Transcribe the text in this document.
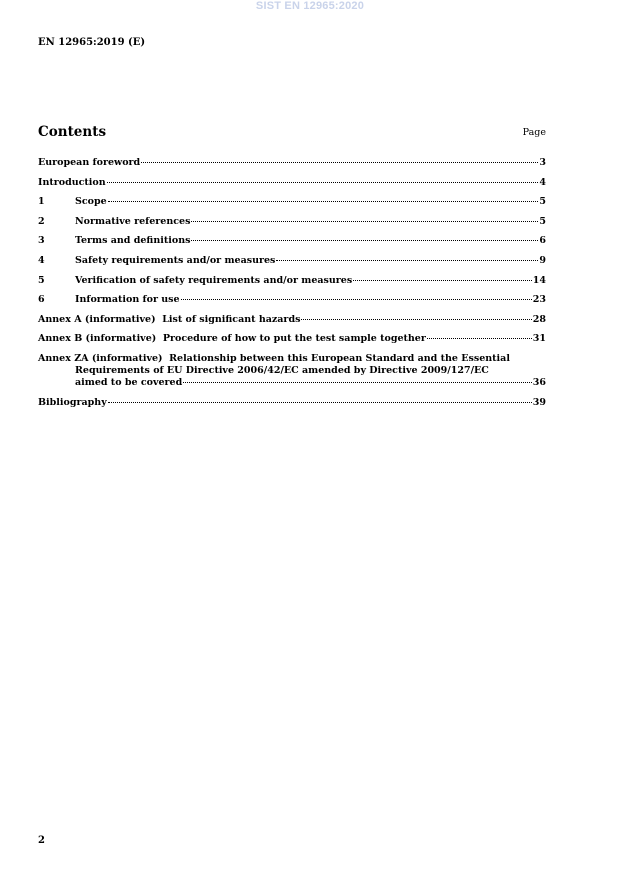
SIST EN 12965:2020
EN 12965:2019 (E)
Contents	Page
European foreword	3
Introduction	4
1	Scope	5
2	Normative references	5
3	Terms and definitions	6
4	Safety requirements and/or measures	9
5	Verification of safety requirements and/or measures	14
6	Information for use	23
Annex A (informative)  List of significant hazards	28
Annex B (informative)  Procedure of how to put the test sample together	31
Annex ZA (informative)  Relationship between this European Standard and the Essential
Requirements of EU Directive 2006/42/EC amended by Directive 2009/127/EC
aimed to be covered	36
Bibliography	39
2
